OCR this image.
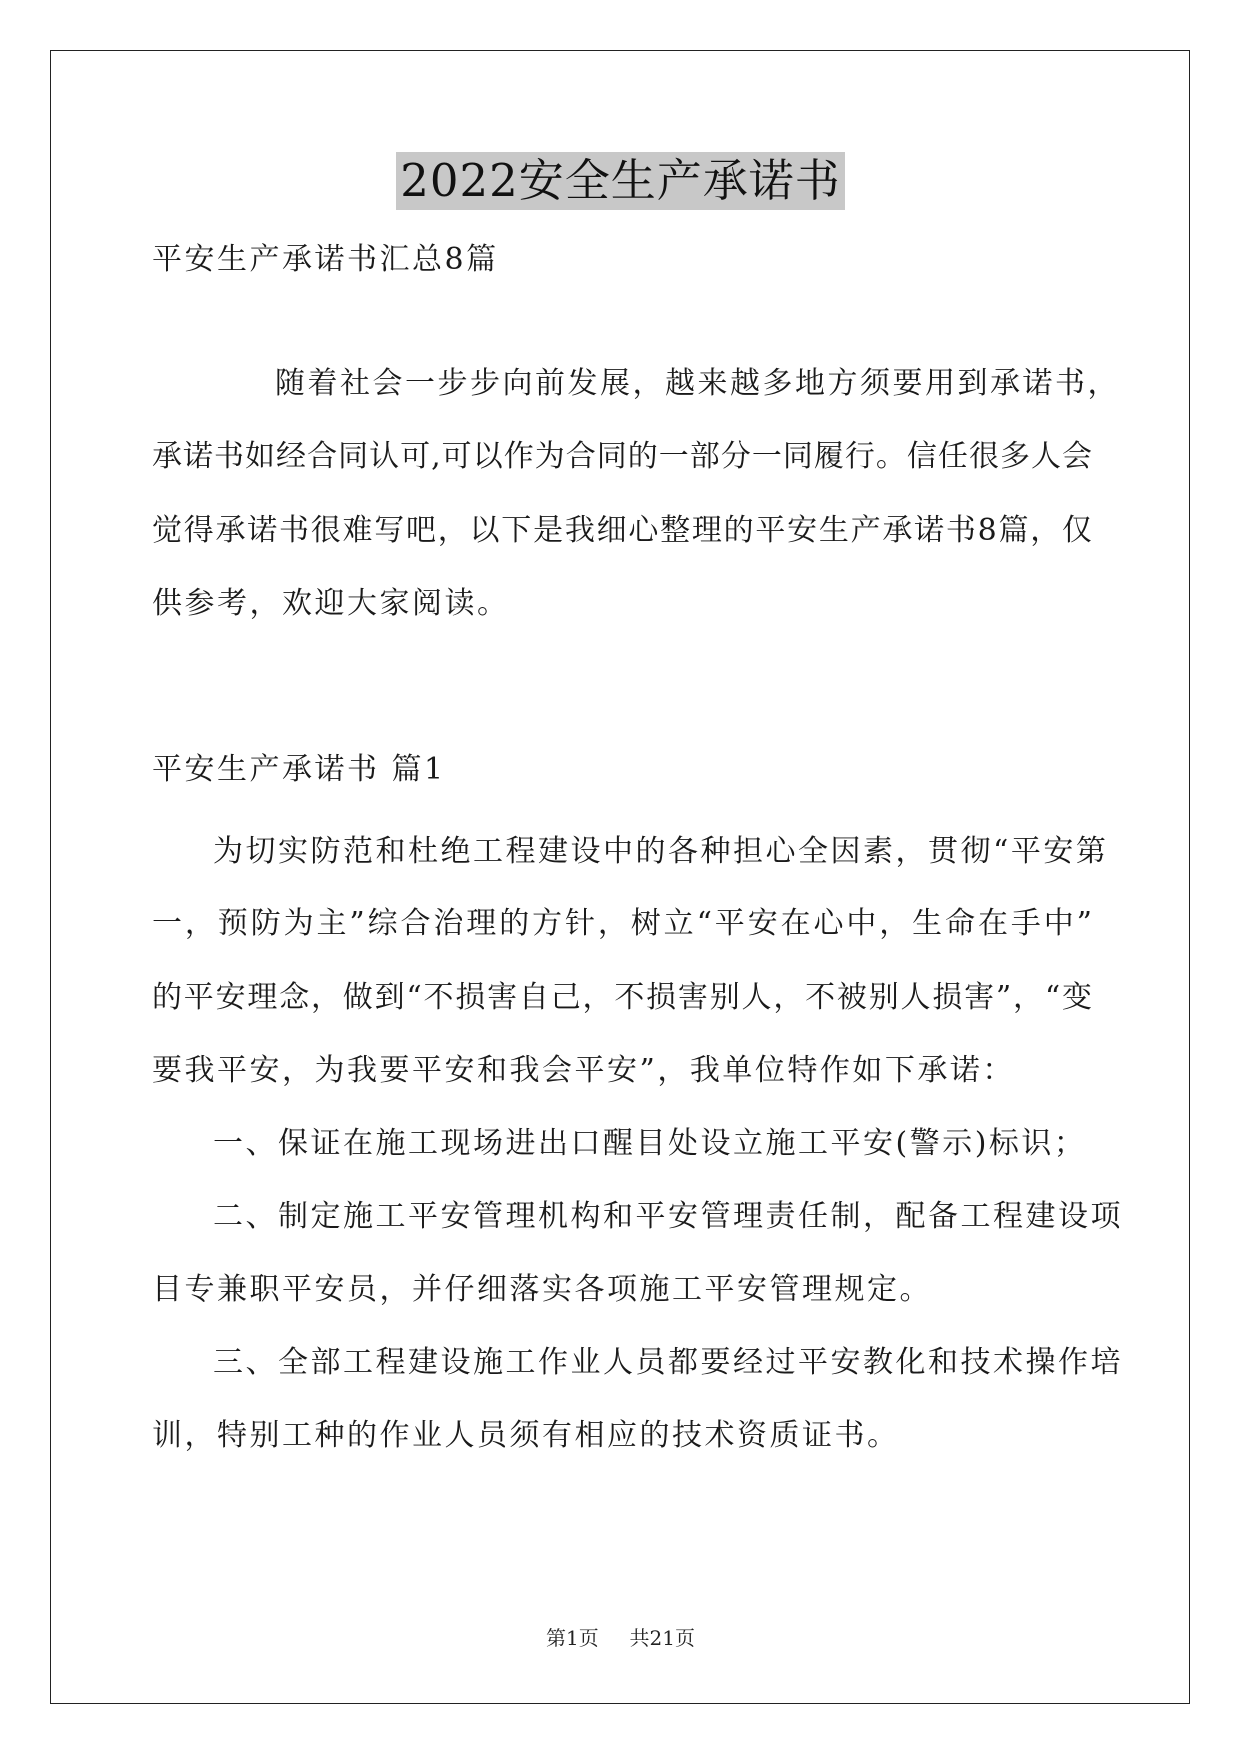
2022安全生产承诺书
平安生产承诺书汇总8篇
随着社会一步步向前发展，越来越多地方须要用到承诺书，
承诺书如经合同认可,可以作为合同的一部分一同履行。信任很多人会
觉得承诺书很难写吧，以下是我细心整理的平安生产承诺书8篇，仅
供参考，欢迎大家阅读。
平安生产承诺书 篇1
为切实防范和杜绝工程建设中的各种担心全因素，贯彻“平安第
一，预防为主”综合治理的方针，树立“平安在心中，生命在手中”
的平安理念，做到“不损害自己，不损害别人，不被别人损害”，“变
要我平安，为我要平安和我会平安”，我单位特作如下承诺：
一、保证在施工现场进出口醒目处设立施工平安(警示)标识；
二、制定施工平安管理机构和平安管理责任制，配备工程建设项
目专兼职平安员，并仔细落实各项施工平安管理规定。
三、全部工程建设施工作业人员都要经过平安教化和技术操作培
训，特别工种的作业人员须有相应的技术资质证书。
第1页 共21页
